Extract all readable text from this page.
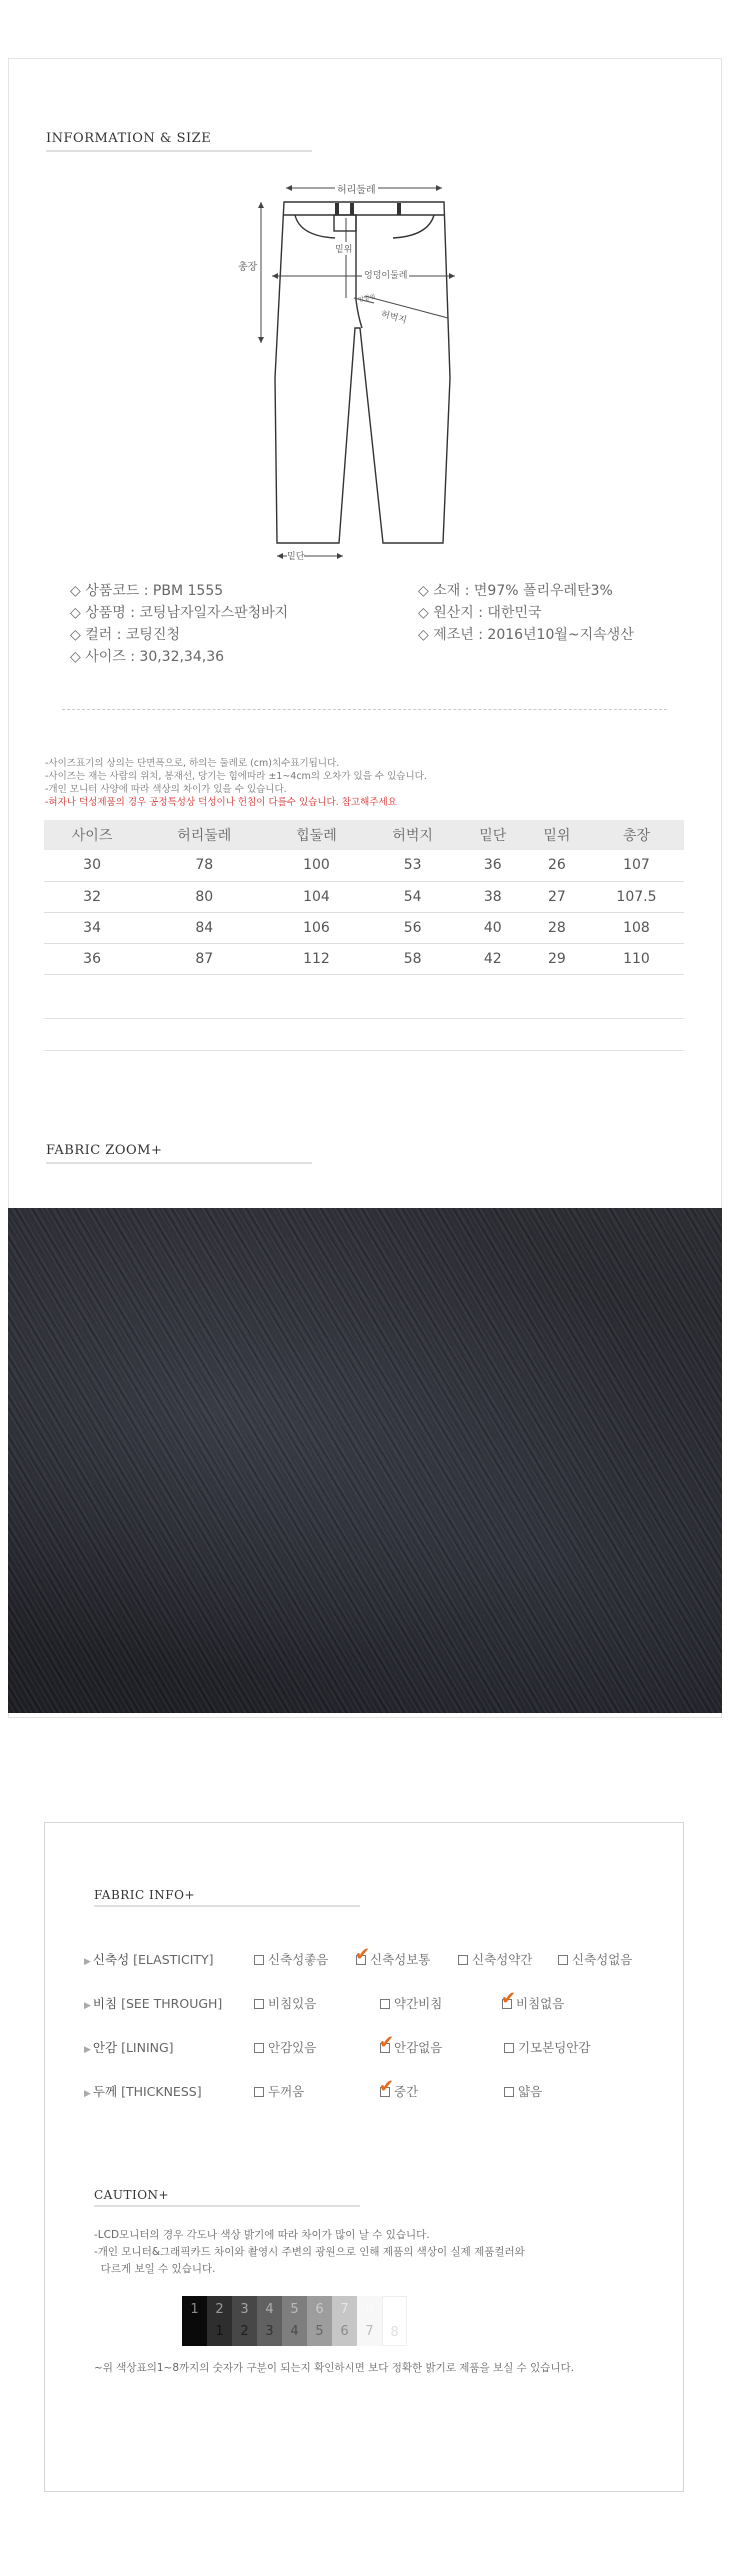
INFORMATION & SIZE
허리둘레
총장
밑위
엉덩이둘레
안밑위
허벅지
밑단
◇ 상품코드 : PBM 1555
◇ 상품명 : 코팅남자일자스판청바지
◇ 컬러 : 코팅진청
◇ 사이즈 : 30,32,34,36
◇ 소재 : 면97% 폴리우레탄3%
◇ 원산지 : 대한민국
◇ 제조년 : 2016년10월~지속생산
-사이즈표기의 상의는 단면폭으로, 하의는 둘레로 (cm)치수표기됩니다.
-사이즈는 재는 사람의 위치, 봉재선, 당기는 힘에따라 ±1~4cm의 오차가 있을 수 있습니다.
-개인 모니터 사양에 따라 색상의 차이가 있을 수 있습니다.
-혀자나 덕성제품의 경우 공정특성상 덕성이나 헌침이 다를수 있습니다. 참고해주세요
사이즈	허리둘레	힙둘레	허벅지	밑단	밑위	총장
30	78	100	53	36	26	107
32	80	104	54	38	27	107.5
34	84	106	56	40	28	108
36	87	112	58	42	29	110
FABRIC ZOOM+
FABRIC INFO+
▶ 신축성 [ELASTICITY]	신축성좋음 ✔ 신축성보통	신축성약간	신축성없음
▶ 비침 [SEE THROUGH]	비침있음	약간비침	✔ 비침없음
▶ 안감 [LINING]	안감있음	✔ 안감없음	기모본딩안감
▶ 두께 [THICKNESS]	두꺼움	✔ 중간	얇음
CAUTION+
-LCD모니터의 경우 각도나 색상 밝기에 따라 차이가 많이 날 수 있습니다.
-개인 모니터&그래픽카드 차이와 촬영시 주변의 광원으로 인해 제품의 색상이 실제 제품컬러와
다르게 보일 수 있습니다.
1	2
1
3
2
4
3
5
4
6
5
7
6
8
7	8
~위 색상표의1~8까지의 숫자가 구분이 되는지 확인하시면 보다 정확한 밝기로 제품을 보실 수 있습니다.
